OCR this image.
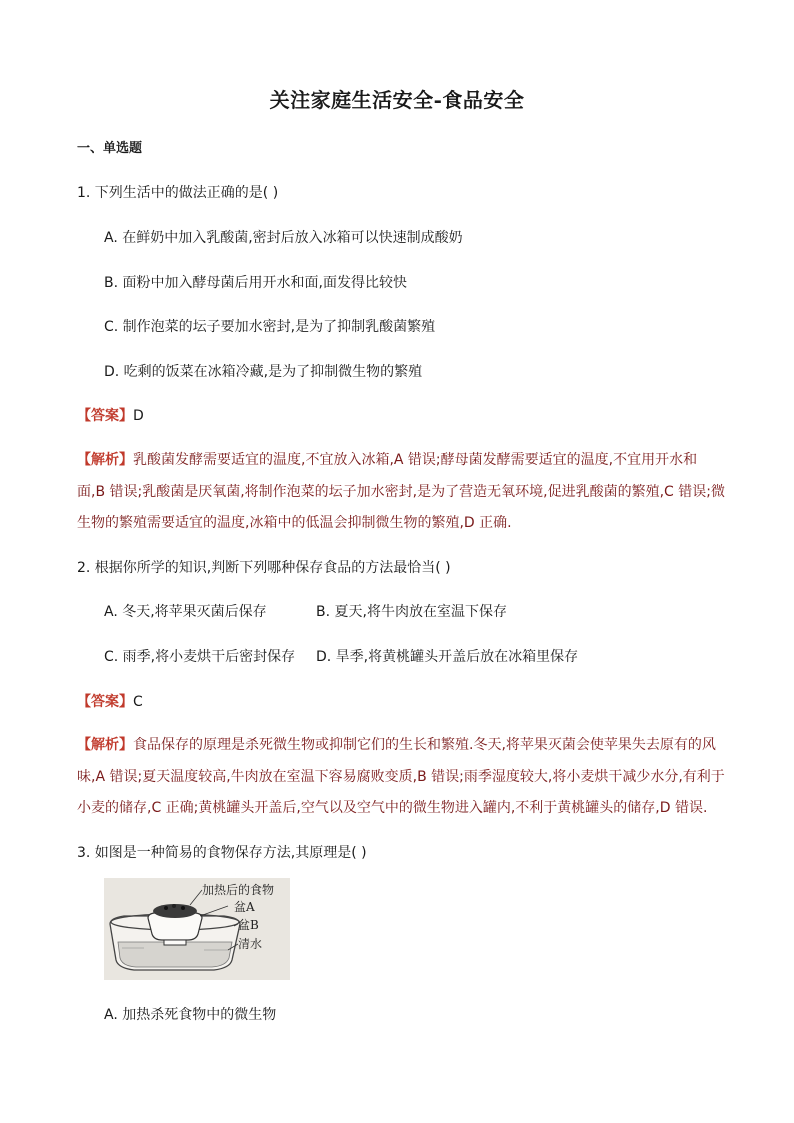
关注家庭生活安全-食品安全
一、单选题
1. 下列生活中的做法正确的是( )
A. 在鲜奶中加入乳酸菌,密封后放入冰箱可以快速制成酸奶
B. 面粉中加入酵母菌后用开水和面,面发得比较快
C. 制作泡菜的坛子要加水密封,是为了抑制乳酸菌繁殖
D. 吃剩的饭菜在冰箱冷藏,是为了抑制微生物的繁殖
【答案】D
【解析】乳酸菌发酵需要适宜的温度,不宜放入冰箱,A 错误;酵母菌发酵需要适宜的温度,不宜用开水和
面,B 错误;乳酸菌是厌氧菌,将制作泡菜的坛子加水密封,是为了营造无氧环境,促进乳酸菌的繁殖,C 错误;微
生物的繁殖需要适宜的温度,冰箱中的低温会抑制微生物的繁殖,D 正确.
2. 根据你所学的知识,判断下列哪种保存食品的方法最恰当( )
A. 冬天,将苹果灭菌后保存	B. 夏天,将牛肉放在室温下保存
C. 雨季,将小麦烘干后密封保存 D. 旱季,将黄桃罐头开盖后放在冰箱里保存
【答案】C
【解析】食品保存的原理是杀死微生物或抑制它们的生长和繁殖.冬天,将苹果灭菌会使苹果失去原有的风
味,A 错误;夏天温度较高,牛肉放在室温下容易腐败变质,B 错误;雨季湿度较大,将小麦烘干减少水分,有利于
小麦的储存,C 正确;黄桃罐头开盖后,空气以及空气中的微生物进入罐内,不利于黄桃罐头的储存,D 错误.
3. 如图是一种简易的食物保存方法,其原理是( )
加热后的食物
盆A
盆B
清水
A. 加热杀死食物中的微生物
